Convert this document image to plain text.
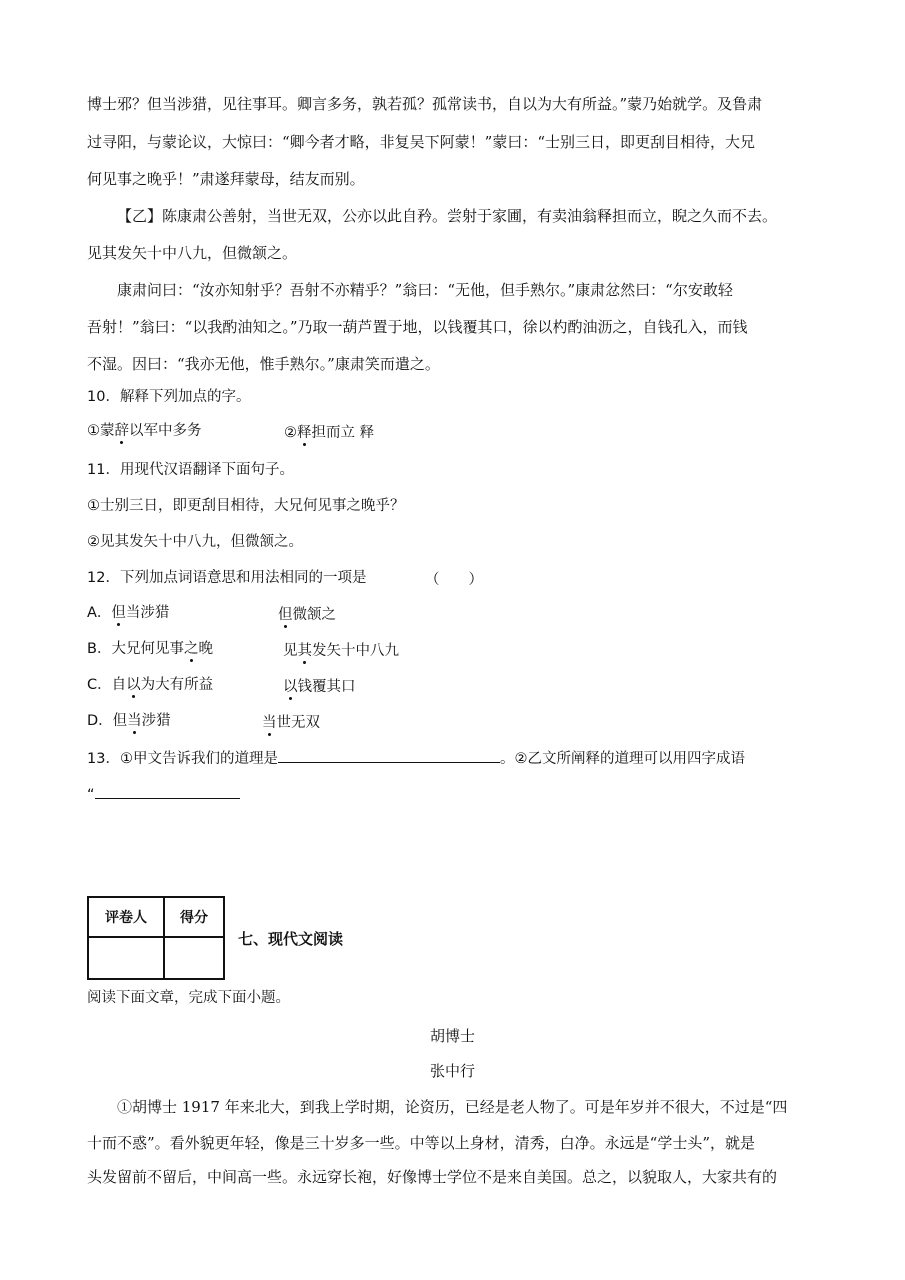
博士邪？但当涉猎，见往事耳。卿言多务，孰若孤？孤常读书，自以为大有所益。”蒙乃始就学。及鲁肃
过寻阳，与蒙论议，大惊曰：“卿今者才略，非复吴下阿蒙！”蒙曰：“士别三日，即更刮目相待，大兄
何见事之晚乎！”肃遂拜蒙母，结友而别。
【乙】陈康肃公善射，当世无双，公亦以此自矜。尝射于家圃，有卖油翁释担而立，睨之久而不去。
见其发矢十中八九，但微颔之。
康肃问曰：“汝亦知射乎？吾射不亦精乎？”翁曰：“无他，但手熟尔。”康肃忿然曰：“尔安敢轻
吾射！”翁曰：“以我酌油知之。”乃取一葫芦置于地，以钱覆其口，徐以杓酌油沥之，自钱孔入，而钱
不湿。因曰：“我亦无他，惟手熟尔。”康肃笑而遣之。
10．解释下列加点的字。
①蒙辞以军中多务	②释担而立 释
11．用现代汉语翻译下面句子。
①士别三日，即更刮目相待，大兄何见事之晚乎？
②见其发矢十中八九，但微颔之。
12．下列加点词语意思和用法相同的一项是	（　　）
A．但当涉猎	但微颔之
B．大兄何见事之晚	见其发矢十中八九
C．自以为大有所益	以钱覆其口
D．但当涉猎	当世无双
13．①甲文告诉我们的道理是	。②乙文所阐释的道理可以用四字成语
“
评卷人	得分

七、现代文阅读
阅读下面文章，完成下面小题。
胡博士
张中行
①胡博士 1917 年来北大，到我上学时期，论资历，已经是老人物了。可是年岁并不很大，不过是“四
十而不惑”。看外貌更年轻，像是三十岁多一些。中等以上身材，清秀，白净。永远是“学士头”，就是
头发留前不留后，中间高一些。永远穿长袍，好像博士学位不是来自美国。总之，以貌取人，大家共有的
